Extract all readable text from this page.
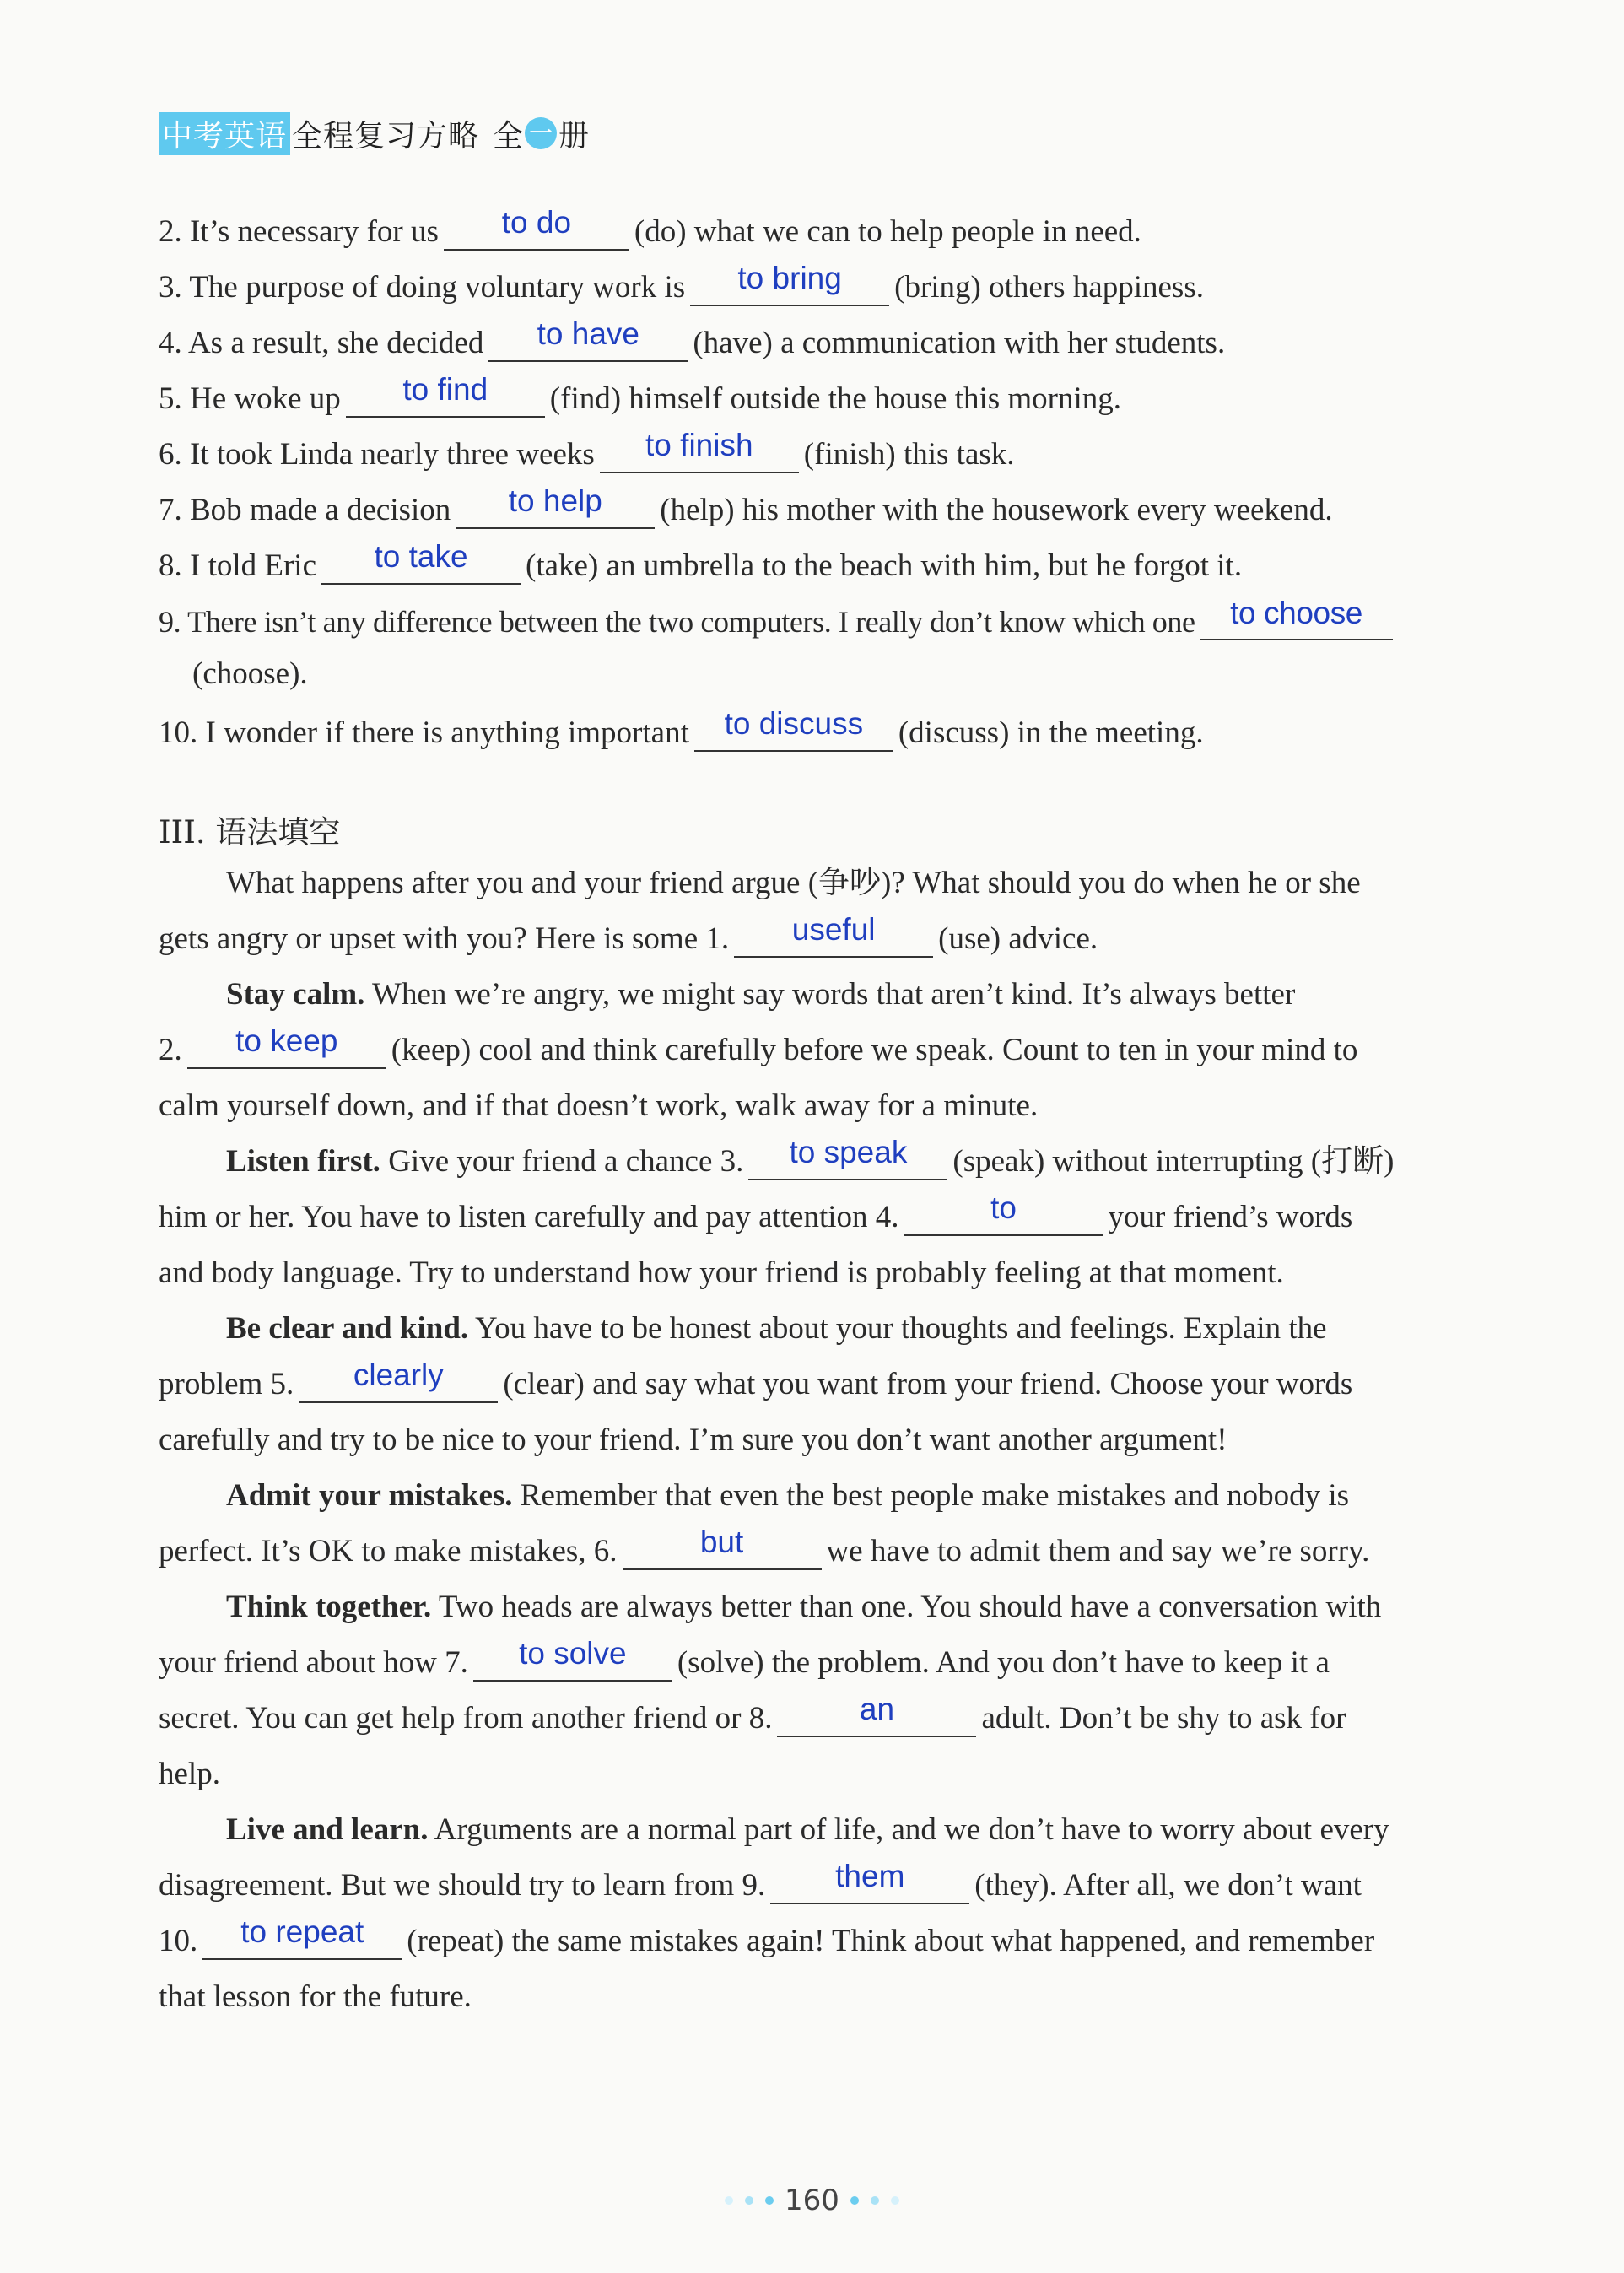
中考英语 全程复习方略 全 一 册
2. It’s necessary for us to do (do) what we can to help people in need.
3. The purpose of doing voluntary work is to bring (bring) others happiness.
4. As a result, she decided to have (have) a communication with her students.
5. He woke up to find (find) himself outside the house this morning.
6. It took Linda nearly three weeks to finish (finish) this task.
7. Bob made a decision to help (help) his mother with the housework every weekend.
8. I told Eric to take (take) an umbrella to the beach with him, but he forgot it.
9. There isn’t any difference between the two computers. I really don’t know which one to choose
(choose).
10. I wonder if there is anything important to discuss (discuss) in the meeting.
III. 语法填空
What happens after you and your friend argue (争吵)? What should you do when he or she
gets angry or upset with you? Here is some 1. useful (use) advice.
Stay calm. When we’re angry, we might say words that aren’t kind. It’s always better
2. to keep (keep) cool and think carefully before we speak. Count to ten in your mind to
calm yourself down, and if that doesn’t work, walk away for a minute.
Listen first. Give your friend a chance 3. to speak (speak) without interrupting (打断)
him or her. You have to listen carefully and pay attention 4.	to	your friend’s words
and body language. Try to understand how your friend is probably feeling at that moment.
Be clear and kind. You have to be honest about your thoughts and feelings. Explain the
problem 5. clearly (clear) and say what you want from your friend. Choose your words
carefully and try to be nice to your friend. I’m sure you don’t want another argument!
Admit your mistakes. Remember that even the best people make mistakes and nobody is
perfect. It’s OK to make mistakes, 6.	but	we have to admit them and say we’re sorry.
Think together. Two heads are always better than one. You should have a conversation with
your friend about how 7. to solve (solve) the problem. And you don’t have to keep it a
secret. You can get help from another friend or 8.	an	adult. Don’t be shy to ask for
help.
Live and learn. Arguments are a normal part of life, and we don’t have to worry about every
disagreement. But we should try to learn from 9. them (they). After all, we don’t want
10. to repeat (repeat) the same mistakes again! Think about what happened, and remember
that lesson for the future.
160
